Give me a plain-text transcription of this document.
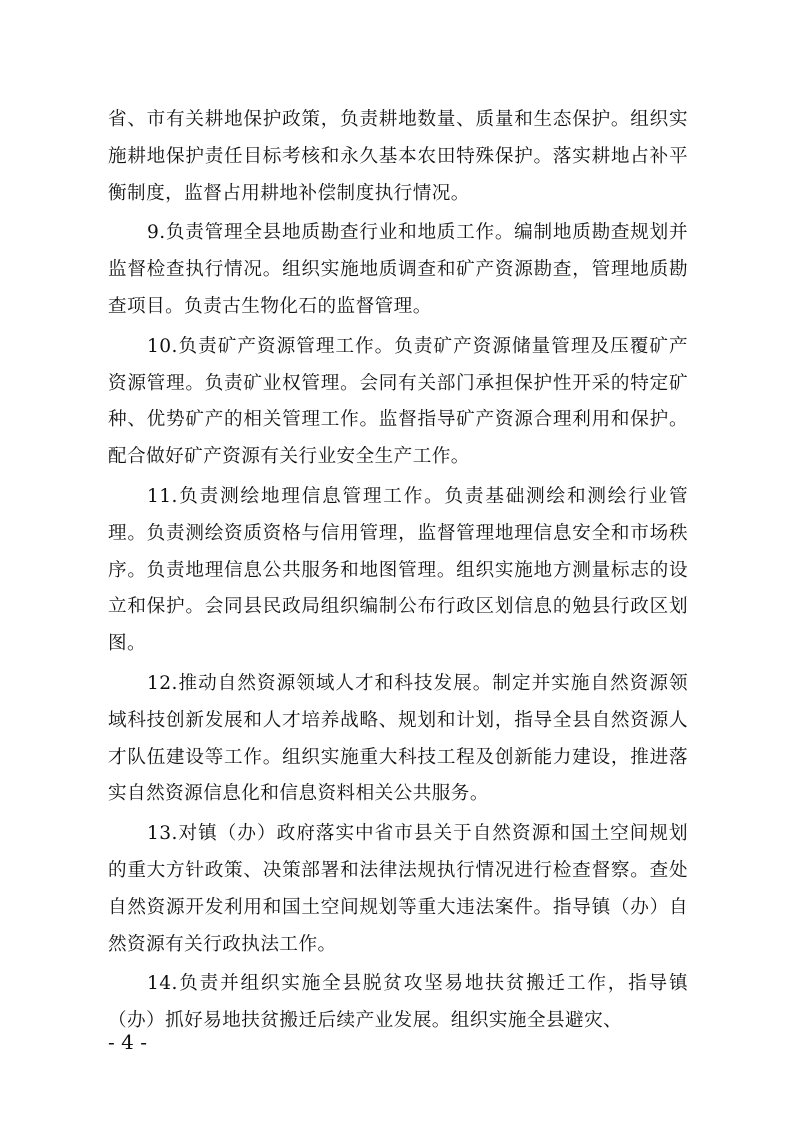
省、市有关耕地保护政策，负责耕地数量、质量和生态保护。组织实施耕地保护责任目标考核和永久基本农田特殊保护。落实耕地占补平衡制度，监督占用耕地补偿制度执行情况。

9.负责管理全县地质勘查行业和地质工作。编制地质勘查规划并监督检查执行情况。组织实施地质调查和矿产资源勘查，管理地质勘查项目。负责古生物化石的监督管理。

10.负责矿产资源管理工作。负责矿产资源储量管理及压覆矿产资源管理。负责矿业权管理。会同有关部门承担保护性开采的特定矿种、优势矿产的相关管理工作。监督指导矿产资源合理利用和保护。配合做好矿产资源有关行业安全生产工作。

11.负责测绘地理信息管理工作。负责基础测绘和测绘行业管理。负责测绘资质资格与信用管理，监督管理地理信息安全和市场秩序。负责地理信息公共服务和地图管理。组织实施地方测量标志的设立和保护。会同县民政局组织编制公布行政区划信息的勉县行政区划图。

12.推动自然资源领域人才和科技发展。制定并实施自然资源领域科技创新发展和人才培养战略、规划和计划，指导全县自然资源人才队伍建设等工作。组织实施重大科技工程及创新能力建设，推进落实自然资源信息化和信息资料相关公共服务。

13.对镇（办）政府落实中省市县关于自然资源和国土空间规划的重大方针政策、决策部署和法律法规执行情况进行检查督察。查处自然资源开发利用和国土空间规划等重大违法案件。指导镇（办）自然资源有关行政执法工作。

14.负责并组织实施全县脱贫攻坚易地扶贫搬迁工作，指导镇（办）抓好易地扶贫搬迁后续产业发展。组织实施全县避灾、

- 4 -
